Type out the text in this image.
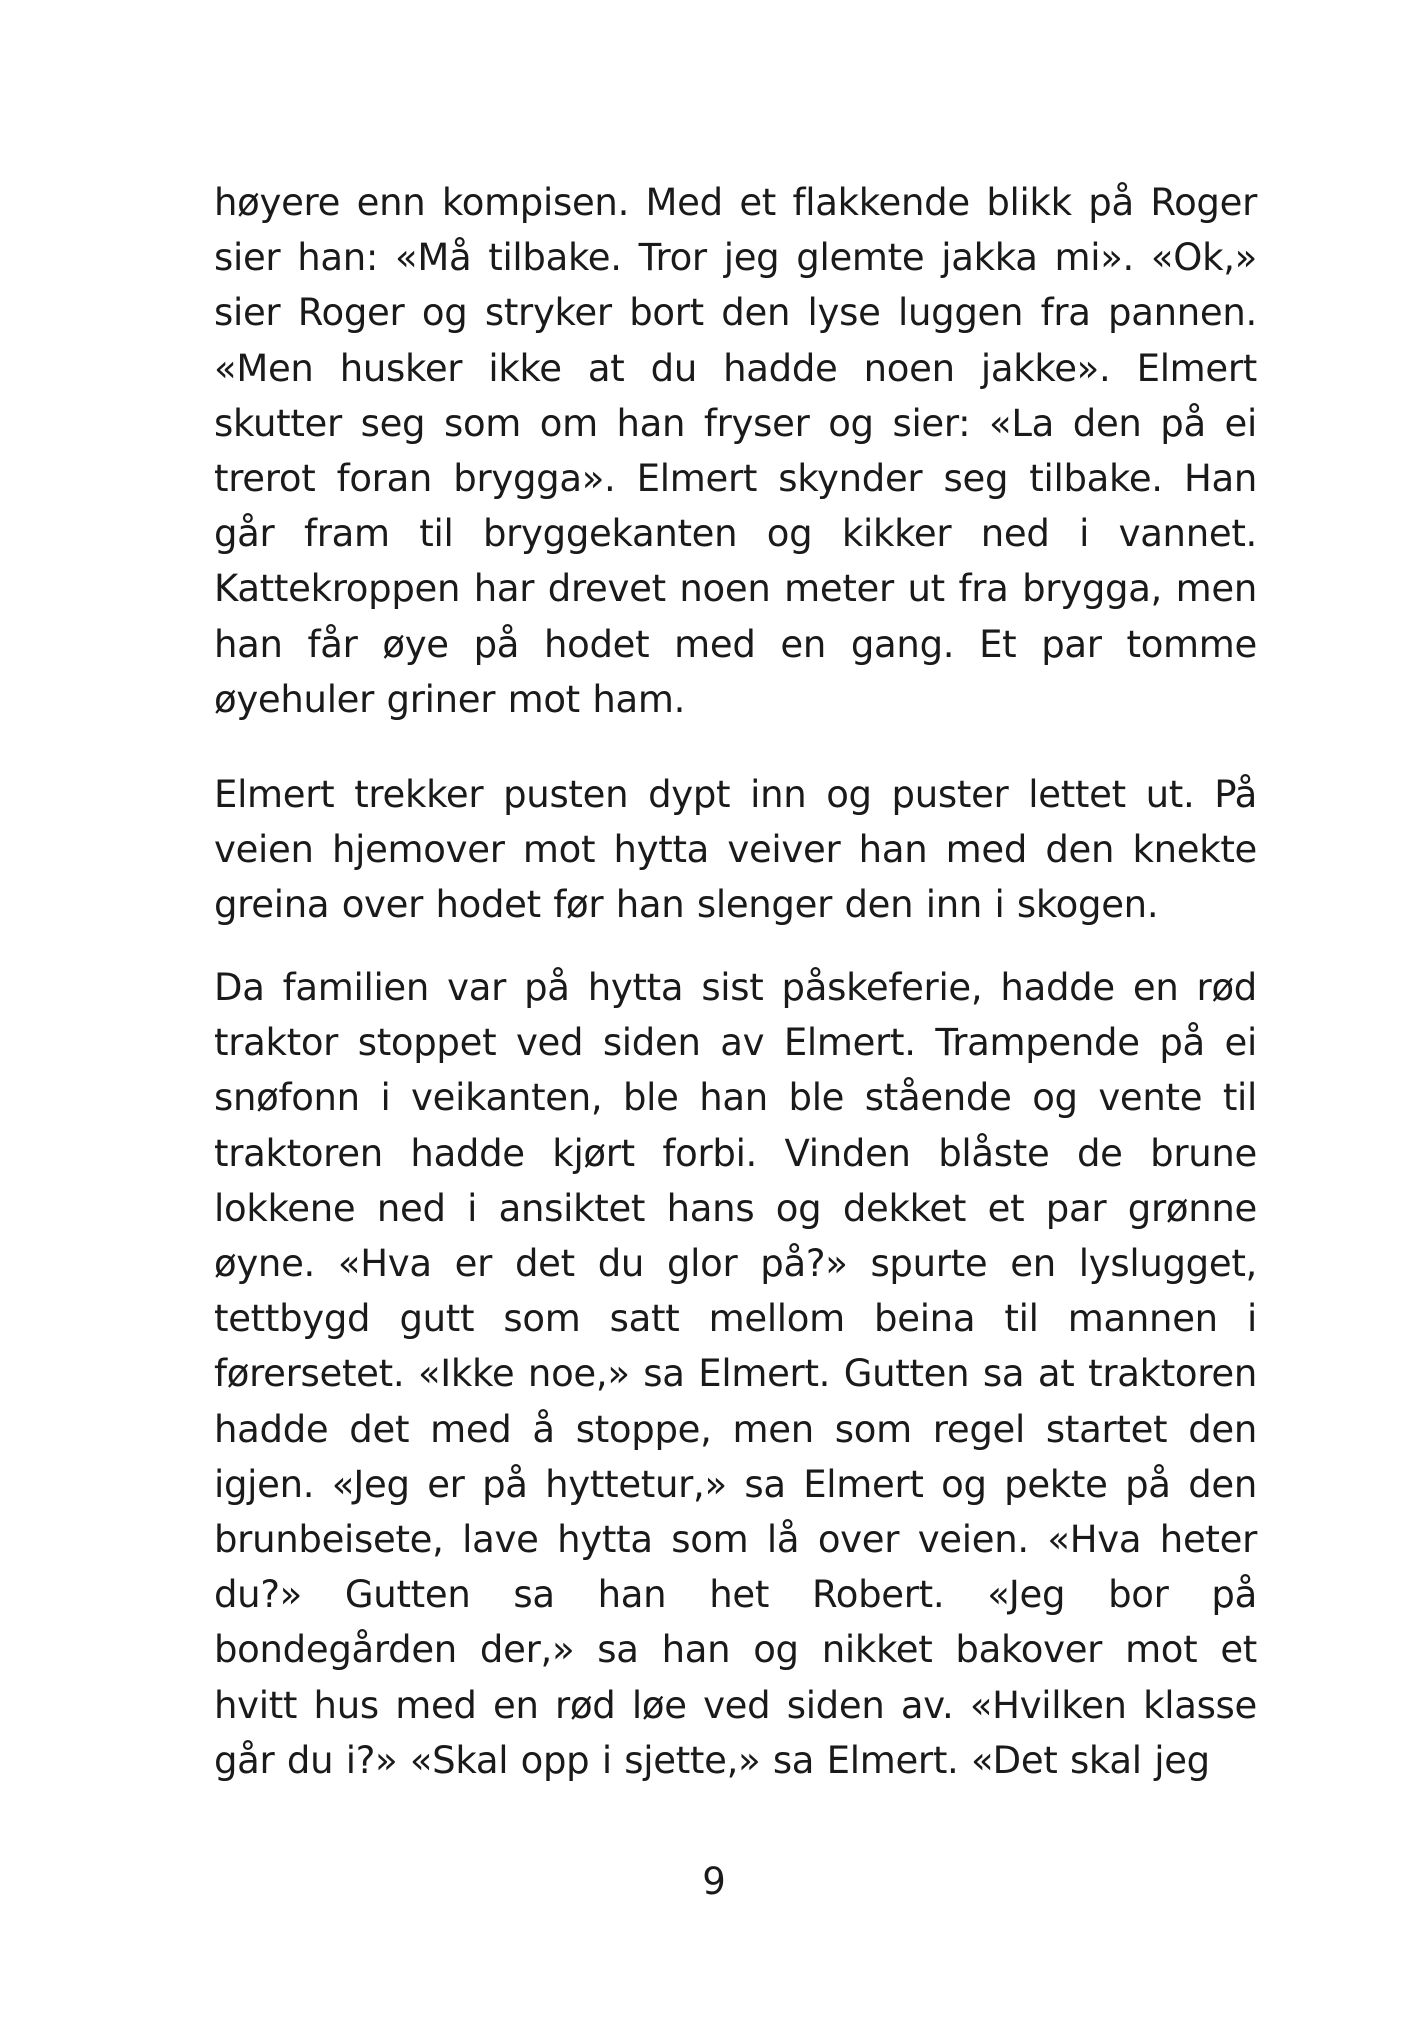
høyere enn kompisen. Med et flakkende blikk på Roger sier han: «Må tilbake. Tror jeg glemte jakka mi». «Ok,» sier Roger og stryker bort den lyse luggen fra pannen. «Men husker ikke at du hadde noen jakke». Elmert skutter seg som om han fryser og sier: «La den på ei trerot foran brygga». Elmert skynder seg tilbake. Han går fram til bryggekanten og kikker ned i vannet. Kattekroppen har drevet noen meter ut fra brygga, men han får øye på hodet med en gang. Et par tomme øyehuler griner mot ham.

Elmert trekker pusten dypt inn og puster lettet ut. På veien hjemover mot hytta veiver han med den knekte greina over hodet før han slenger den inn i skogen.

Da familien var på hytta sist påskeferie, hadde en rød traktor stoppet ved siden av Elmert. Trampende på ei snøfonn i veikanten, ble han ble stående og vente til traktoren hadde kjørt forbi. Vinden blåste de brune lokkene ned i ansiktet hans og dekket et par grønne øyne. «Hva er det du glor på?» spurte en lyslugget, tettbygd gutt som satt mellom beina til mannen i førersetet. «Ikke noe,» sa Elmert. Gutten sa at traktoren hadde det med å stoppe, men som regel startet den igjen. «Jeg er på hyttetur,» sa Elmert og pekte på den brunbeisete, lave hytta som lå over veien. «Hva heter du?» Gutten sa han het Robert. «Jeg bor på bondegården der,» sa han og nikket bakover mot et hvitt hus med en rød løe ved siden av. «Hvilken klasse går du i?» «Skal opp i sjette,» sa Elmert. «Det skal jeg

9
